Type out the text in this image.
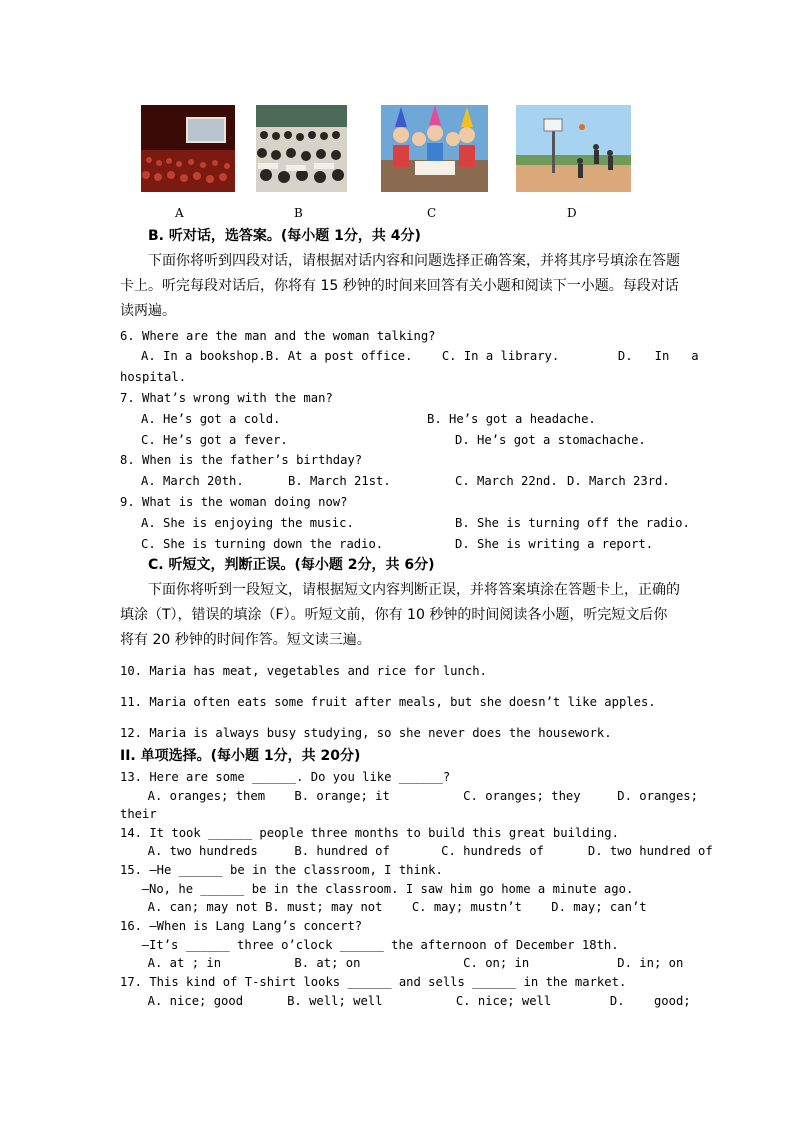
A	B	C	D
B. 听对话，选答案。(每小题 1分，共 4分)
下面你将听到四段对话，请根据对话内容和问题选择正确答案，并将其序号填涂在答题卡上。听完每段对话后，你将有 15 秒钟的时间来回答有关小题和阅读下一小题。每段对话读两遍。
6. Where are the man and the woman talking?
A. In a bookshop.B. At a post office.    C. In a library.        D.   In   a
hospital.
7. What’s wrong with the man?
A. He’s got a cold.	B. He’s got a headache.
C. He’s got a fever.	D. He’s got a stomachache.
8. When is the father’s birthday?
A. March 20th.	B. March 21st.	C. March 22nd. D. March 23rd.
9. What is the woman doing now?
A. She is enjoying the music.	B. She is turning off the radio.
C. She is turning down the radio.	D. She is writing a report.
C. 听短文，判断正误。(每小题 2分，共 6分)
下面你将听到一段短文，请根据短文内容判断正误，并将答案填涂在答题卡上，正确的填涂（T），错误的填涂（F）。听短文前，你有 10 秒钟的时间阅读各小题，听完短文后你将有 20 秒钟的时间作答。短文读三遍。
10. Maria has meat, vegetables and rice for lunch.
11. Maria often eats some fruit after meals, but she doesn’t like apples.
12. Maria is always busy studying, so she never does the housework.
II. 单项选择。(每小题 1分，共 20分)
13. Here are some ______. Do you like ______?
A. oranges; them    B. orange; it          C. oranges; they     D. oranges;
their
14. It took ______ people three months to build this great building.
A. two hundreds     B. hundred of       C. hundreds of      D. two hundred of
15. —He ______ be in the classroom, I think.
—No, he ______ be in the classroom. I saw him go home a minute ago.
A. can; may not B. must; may not    C. may; mustn’t    D. may; can’t
16. —When is Lang Lang’s concert?
—It’s ______ three o’clock ______ the afternoon of December 18th.
A. at ; in          B. at; on              C. on; in            D. in; on
17. This kind of T-shirt looks ______ and sells ______ in the market.
A. nice; good      B. well; well          C. nice; well        D.    good;
